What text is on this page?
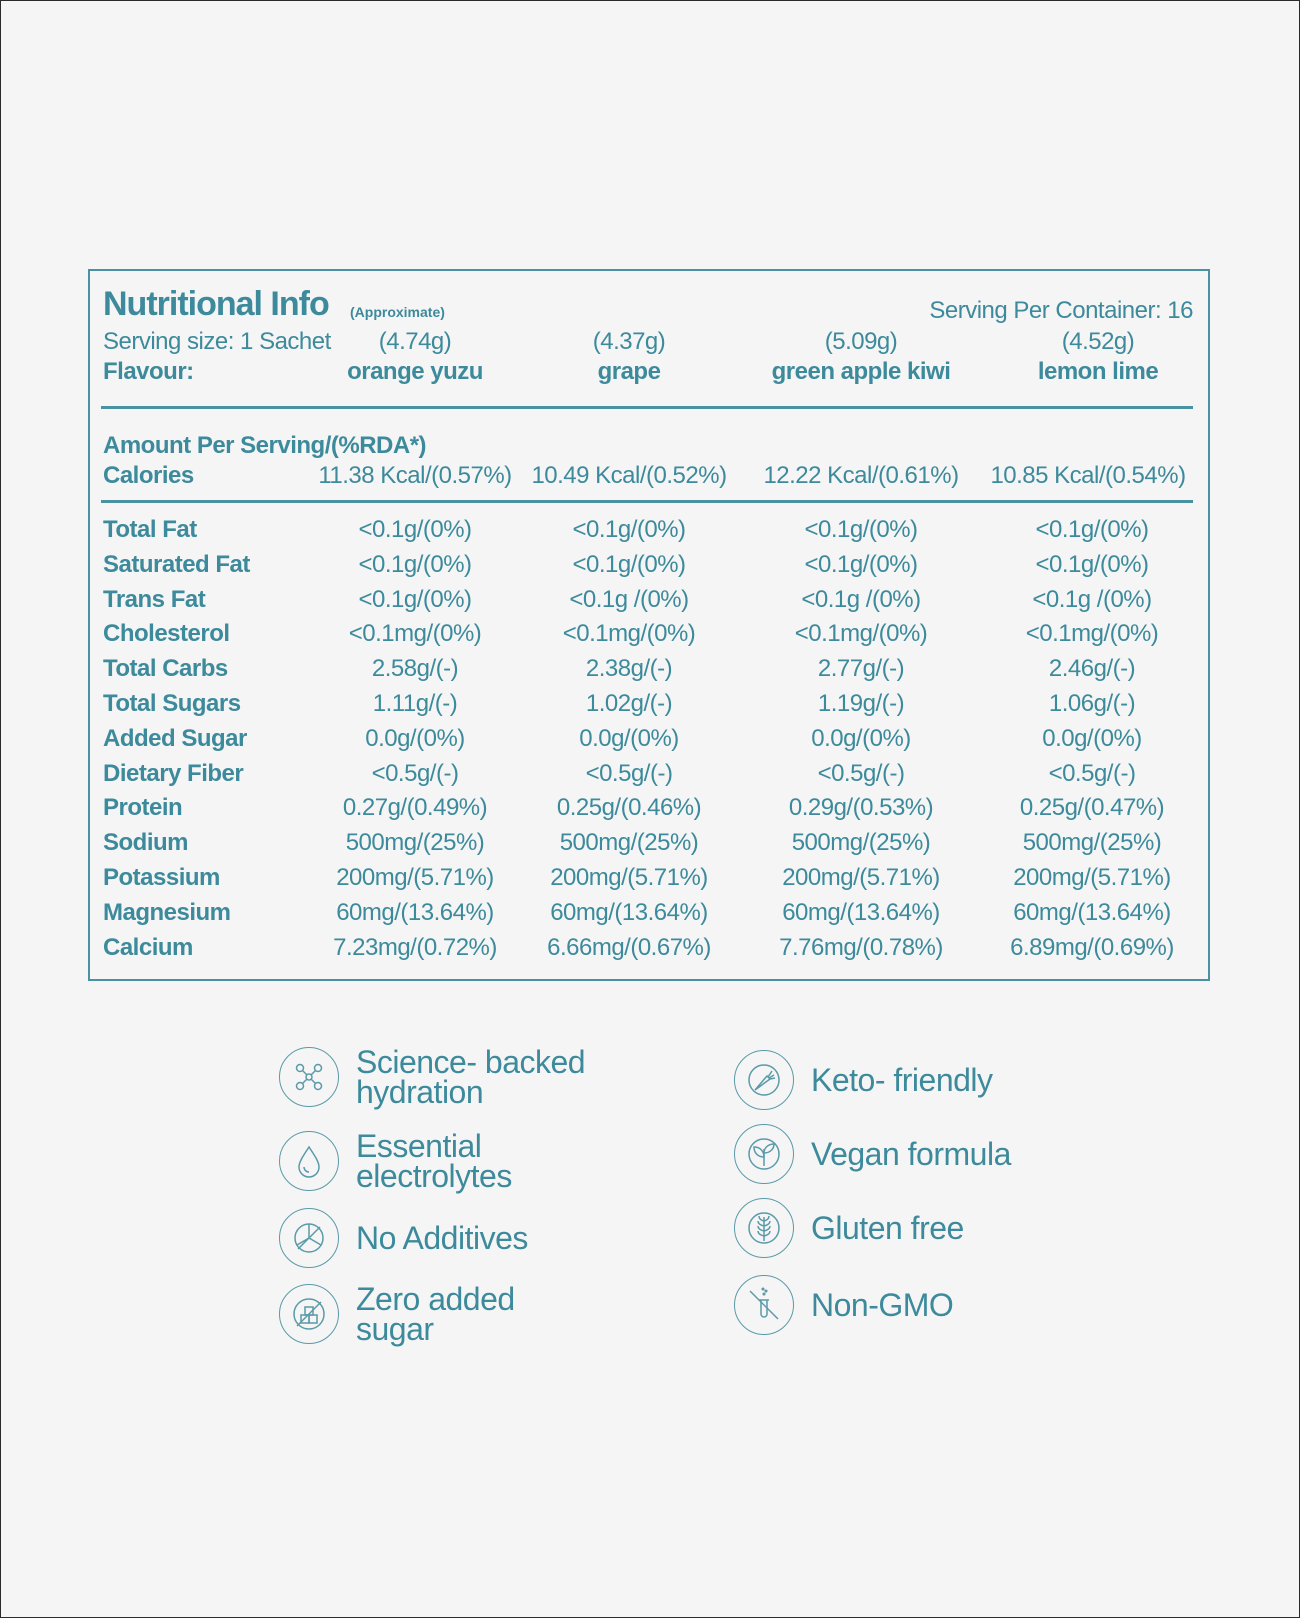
Nutritional Info (Approximate)	Serving Per Container: 16
Serving size: 1 Sachet
Flavour:
(4.74g)	(4.37g)	(5.09g)	(4.52g)
orange yuzu	grape	green apple kiwi	lemon lime
Amount Per Serving/(%RDA*)
Calories	11.38 Kcal/(0.57%) 10.49 Kcal/(0.52%) 12.22 Kcal/(0.61%) 10.85 Kcal/(0.54%)
Total Fat	<0.1g/(0%)	<0.1g/(0%)	<0.1g/(0%)	<0.1g/(0%)
Saturated Fat	<0.1g/(0%)	<0.1g/(0%)	<0.1g/(0%)	<0.1g/(0%)
Trans Fat	<0.1g/(0%)	<0.1g /(0%)	<0.1g /(0%)	<0.1g /(0%)
Cholesterol	<0.1mg/(0%)	<0.1mg/(0%)	<0.1mg/(0%)	<0.1mg/(0%)
Total Carbs	2.58g/(-)	2.38g/(-)	2.77g/(-)	2.46g/(-)
Total Sugars	1.11g/(-)	1.02g/(-)	1.19g/(-)	1.06g/(-)
Added Sugar	0.0g/(0%)	0.0g/(0%)	0.0g/(0%)	0.0g/(0%)
Dietary Fiber	<0.5g/(-)	<0.5g/(-)	<0.5g/(-)	<0.5g/(-)
Protein	0.27g/(0.49%)	0.25g/(0.46%)	0.29g/(0.53%)	0.25g/(0.47%)
Sodium	500mg/(25%)	500mg/(25%)	500mg/(25%)	500mg/(25%)
Potassium	200mg/(5.71%) 200mg/(5.71%)	200mg/(5.71%)	200mg/(5.71%)
Magnesium	60mg/(13.64%) 60mg/(13.64%)	60mg/(13.64%)	60mg/(13.64%)
Calcium	7.23mg/(0.72%) 6.66mg/(0.67%)	7.76mg/(0.78%)	6.89mg/(0.69%)
Science- backed
hydration
Essential
electrolytes
No Additives
Zero added
sugar
Keto- friendly
Vegan formula
Gluten free
Non-GMO
